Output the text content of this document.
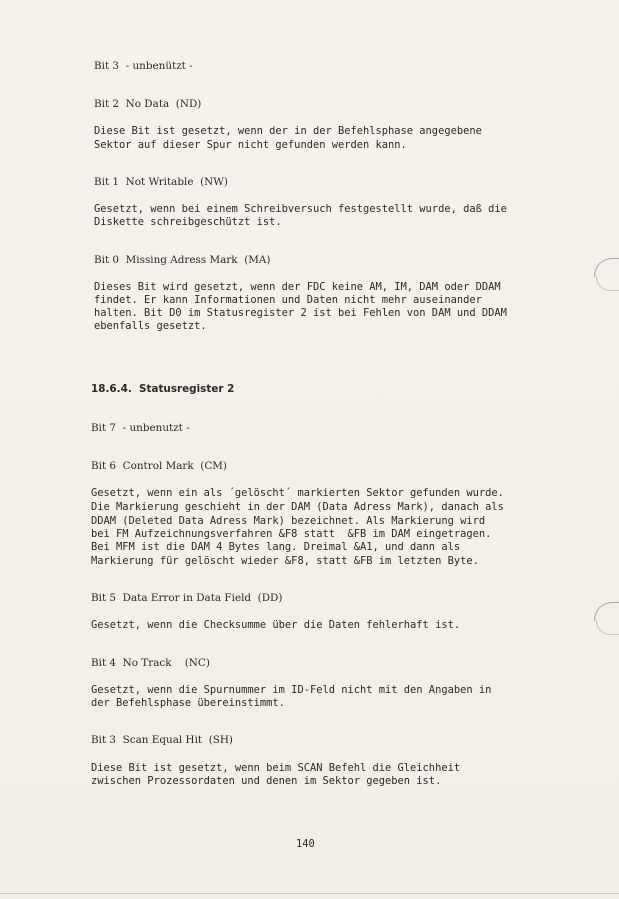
Bit 3  - unbenützt -
Bit 2  No Data  (ND)
Diese Bit ist gesetzt, wenn der in der Befehlsphase angegebene
Sektor auf dieser Spur nicht gefunden werden kann.
Bit 1  Not Writable  (NW)
Gesetzt, wenn bei einem Schreibversuch festgestellt wurde, daß die
Diskette schreibgeschützt ist.
Bit 0  Missing Adress Mark  (MA)
Dieses Bit wird gesetzt, wenn der FDC keine AM, IM, DAM oder DDAM
findet. Er kann Informationen und Daten nicht mehr auseinander
halten. Bit D0 im Statusregister 2 ist bei Fehlen von DAM und DDAM
ebenfalls gesetzt.
18.6.4.  Statusregister 2
Bit 7  - unbenutzt -
Bit 6  Control Mark  (CM)
Gesetzt, wenn ein als ´gelöscht´ markierten Sektor gefunden wurde.
Die Markierung geschieht in der DAM (Data Adress Mark), danach als
DDAM (Deleted Data Adress Mark) bezeichnet. Als Markierung wird
bei FM Aufzeichnungsverfahren &F8 statt  &FB im DAM eingetragen.
Bei MFM ist die DAM 4 Bytes lang. Dreimal &A1, und dann als
Markierung für gelöscht wieder &F8, statt &FB im letzten Byte.
Bit 5  Data Error in Data Field  (DD)
Gesetzt, wenn die Checksumme über die Daten fehlerhaft ist.
Bit 4  No Track    (NC)
Gesetzt, wenn die Spurnummer im ID-Feld nicht mit den Angaben in
der Befehlsphase übereinstimmt.
Bit 3  Scan Equal Hit  (SH)
Diese Bit ist gesetzt, wenn beim SCAN Befehl die Gleichheit
zwischen Prozessordaten und denen im Sektor gegeben ist.
140
